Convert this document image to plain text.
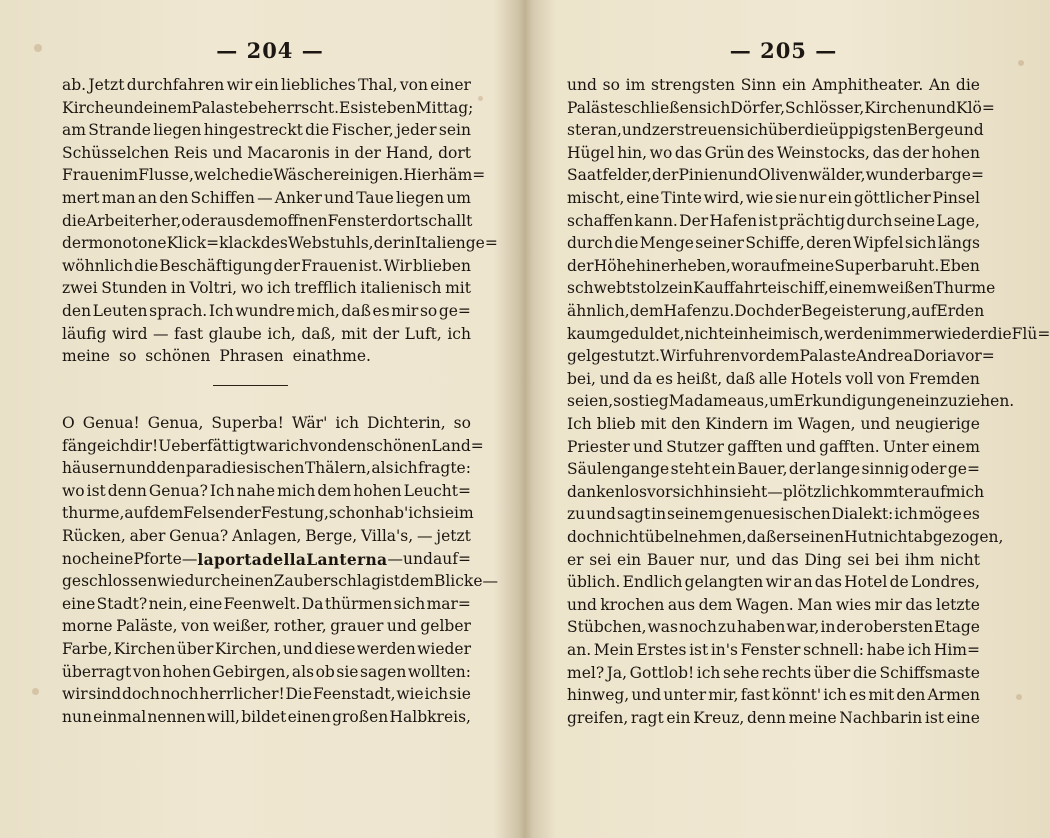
— 204 —
ab. Jetzt durchfahren wir ein liebliches Thal, von einer
Kirche und einem Palaste beherrscht. Es ist eben Mittag;
am Strande liegen hingestreckt die Fischer, jeder sein
Schüsselchen Reis und Macaronis in der Hand, dort
Frauen im Flusse, welche die Wäsche reinigen. Hier häm=
mert man an den Schiffen — Anker und Taue liegen um
die Arbeiter her, oder aus dem offnen Fenster dort schallt
der monotone Klick=klack des Webstuhls, der inItalien ge=
wöhnlich die Beschäftigung der Frauen ist. Wir blieben
zwei Stunden in Voltri, wo ich trefflich italienisch mit
den Leuten sprach. Ich wundre mich, daß es mir so ge=
läufig wird — fast glaube ich, daß, mit der Luft, ich
meine so schönen Phrasen einathme.
O Genua! Genua, Superba! Wär' ich Dichterin, so
fänge ich dir! Ueberfättigt war ich von den schönen Land=
häusern und den paradiesischen Thälern, als ich fragte:
wo ist denn Genua? Ich nahe mich dem hohen Leucht=
thurme, auf dem Felsen der Festung, schon hab' ich sie im
Rücken, aber Genua? Anlagen, Berge, Villa's, — jetzt
noch eine Pforte — la porta della Lanterna — und auf=
geschlossen wie durch einen Zauberschlag ist dem Blicke —
eine Stadt? nein, eine Feenwelt. Da thürmen sich mar=
morne Paläste, von weißer, rother, grauer und gelber
Farbe, Kirchen über Kirchen, und diese werden wieder
überragt von hohen Gebirgen, als ob sie sagen wollten:
wir sind doch noch herrlicher! Die Feenstadt, wie ich sie
nun einmal nennen will, bildet einen großen Halbkreis,
— 205 —
und so im strengsten Sinn ein Amphitheater. An die
Paläste schließen sich Dörfer, Schlösser, Kirchen und Klö=
ster an, und zerstreuen sich über die üppigsten Berge und
Hügel hin, wo das Grün des Weinstocks, das der hohen
Saatfelder, der Pinien und Olivenwälder, wunderbar ge=
mischt, eine Tinte wird, wie sie nur ein göttlicher Pinsel
schaffen kann. Der Hafen ist prächtig durch seine Lage,
durch die Menge seiner Schiffe, deren Wipfel sich längs
der Höhe hin erheben, worauf meine Superba ruht. Eben
schwebt stolz ein Kauffahrteischiff, einem weißen Thurme
ähnlich, dem Hafen zu. Doch der Begeisterung, auf Erden
kaum geduldet, nicht einheimisch, werden immer wieder die Flü=
gel gestutzt. Wir fuhren vor dem Palaste Andrea Doria vor=
bei, und da es heißt, daß alle Hotels voll von Fremden
seien, so stieg Madame aus, um Erkundigungen einzuziehen.
Ich blieb mit den Kindern im Wagen, und neugierige
Priester und Stutzer gafften und gafften. Unter einem
Säulengange steht ein Bauer, der lange sinnig oder ge=
dankenlos vor sich hinsieht — plötzlich kommt er auf mich
zu und sagt in seinem genuesischen Dialekt: ich möge es
doch nicht übel nehmen, daß er seinen Hut nicht abgezogen,
er sei ein Bauer nur, und das Ding sei bei ihm nicht
üblich. Endlich gelangten wir an das Hotel de Londres,
und krochen aus dem Wagen. Man wies mir das letzte
Stübchen, was noch zu haben war, in der obersten Etage
an. Mein Erstes ist in's Fenster schnell: habe ich Him=
mel? Ja, Gottlob! ich sehe rechts über die Schiffsmaste
hinweg, und unter mir, fast könnt' ich es mit den Armen
greifen, ragt ein Kreuz, denn meine Nachbarin ist eine
